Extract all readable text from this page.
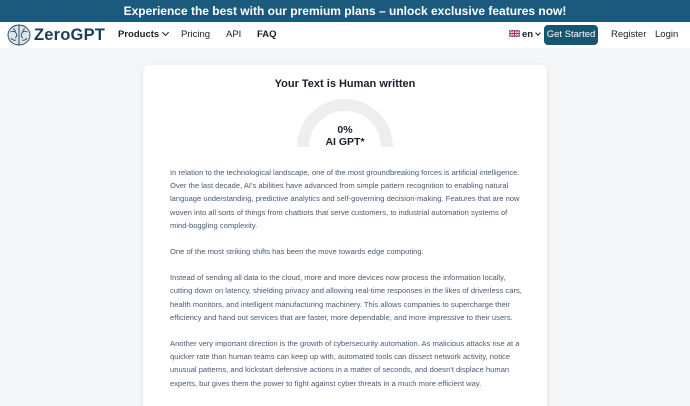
Experience the best with our premium plans – unlock exclusive features now!
ZeroGPT Products	Pricing API FAQ	en	Get Started Register Login
Your Text is Human written
0%
AI GPT*

In relation to the technological landscape, one of the most groundbreaking forces is artificial intelligence. Over the last decade, AI's abilities have advanced from simple pattern recognition to enabling natural language understanding, predictive analytics and self-governing decision-making. Features that are now woven into all sorts of things from chatbots that serve customers, to industrial automation systems of mind-boggling complexity.

One of the most striking shifts has been the move towards edge computing.

Instead of sending all data to the cloud, more and more devices now process the information locally, cutting down on latency, shielding privacy and allowing real-time responses in the likes of driverless cars, health monitors, and intelligent manufacturing machinery. This allows companies to supercharge their efficiency and hand out services that are faster, more dependable, and more impressive to their users.

Another very important direction is the growth of cybersecurity automation. As malicious attacks rise at a quicker rate than human teams can keep up with, automated tools can dissect network activity, notice unusual patterns, and kickstart defensive actions in a matter of seconds, and doesn't displace human experts, but gives them the power to fight against cyber threats in a much more efficient way.
